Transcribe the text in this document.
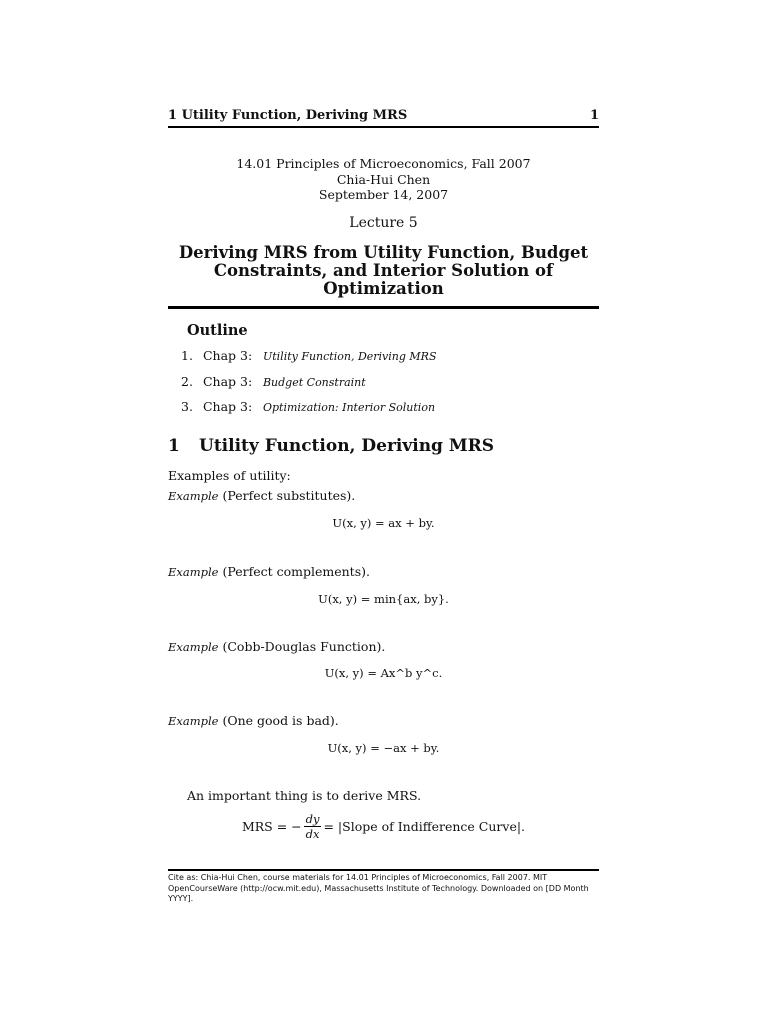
1 Utility Function, Deriving MRS	1
14.01 Principles of Microeconomics, Fall 2007
Chia-Hui Chen
September 14, 2007
Lecture 5
Deriving MRS from Utility Function, Budget
Constraints, and Interior Solution of
Optimization
Outline
1. Chap 3: Utility Function, Deriving MRS
2. Chap 3: Budget Constraint
3. Chap 3: Optimization: Interior Solution
1 Utility Function, Deriving MRS
Examples of utility:
Example (Perfect substitutes).
U(x, y) = ax + by.
Example (Perfect complements).
U(x, y) = min{ax, by}.
Example (Cobb-Douglas Function).
U(x, y) = Ax^b y^c.
Example (One good is bad).
U(x, y) = −ax + by.
An important thing is to derive MRS.
MRS = − $\frac{dy}{dx}$ = |Slope of Indifference Curve|.
Cite as: Chia-Hui Chen, course materials for 14.01 Principles of Microeconomics, Fall 2007. MIT
OpenCourseWare (http://ocw.mit.edu), Massachusetts Institute of Technology. Downloaded on [DD Month
YYYY].
